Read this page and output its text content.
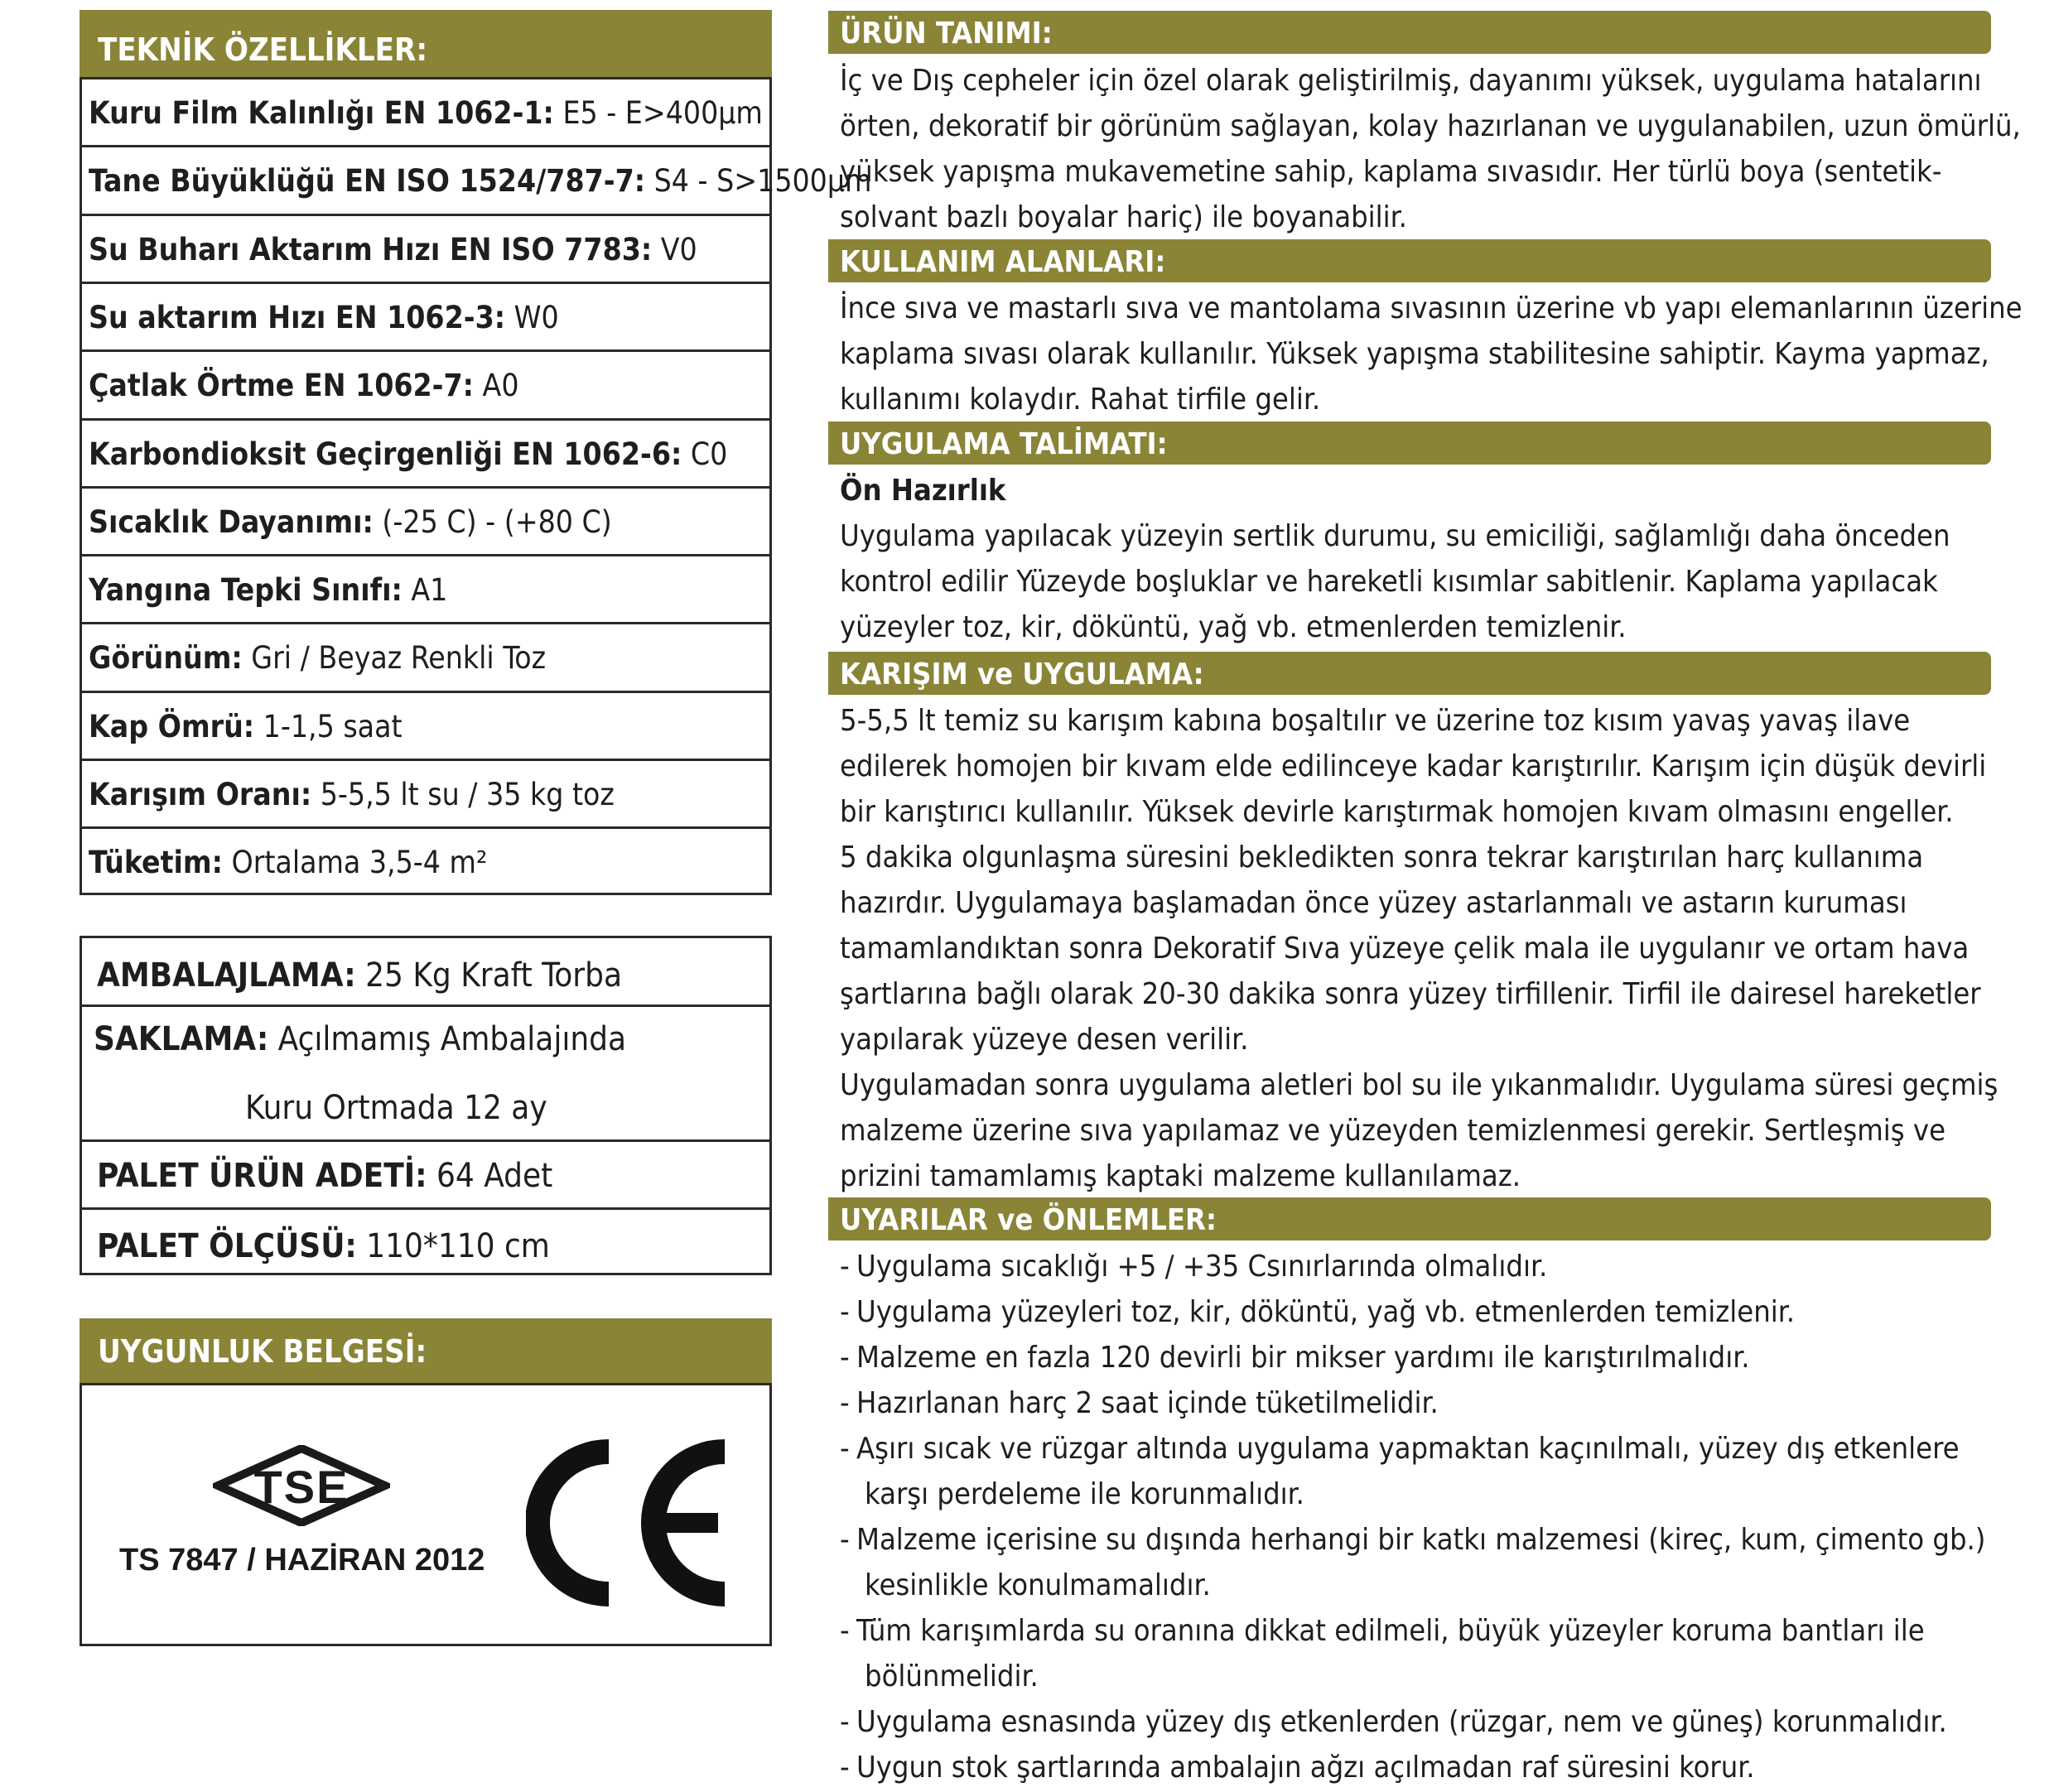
TEKNİK ÖZELLİKLER:
Kuru Film Kalınlığı EN 1062-1: E5 - E>400μm
Tane Büyüklüğü EN ISO 1524/787-7: S4 - S>1500μm
Su Buharı Aktarım Hızı EN ISO 7783: V0
Su aktarım Hızı EN 1062-3: W0
Çatlak Örtme EN 1062-7: A0
Karbondioksit Geçirgenliği EN 1062-6: C0
Sıcaklık Dayanımı: (-25 C) - (+80 C)
Yangına Tepki Sınıfı: A1
Görünüm: Gri / Beyaz Renkli Toz
Kap Ömrü: 1-1,5 saat
Karışım Oranı: 5-5,5 lt su / 35 kg toz
Tüketim: Ortalama 3,5-4 m²
AMBALAJLAMA: 25 Kg Kraft Torba
SAKLAMA: Açılmamış Ambalajında
Kuru Ortmada 12 ay
PALET ÜRÜN ADETİ: 64 Adet
PALET ÖLÇÜSÜ: 110*110 cm
UYGUNLUK BELGESİ:
TSE
TS 7847 / HAZİRAN 2012
ÜRÜN TANIMI:
İç ve Dış cepheler için özel olarak geliştirilmiş, dayanımı yüksek, uygulama hatalarını
örten, dekoratif bir görünüm sağlayan, kolay hazırlanan ve uygulanabilen, uzun ömürlü,
yüksek yapışma mukavemetine sahip, kaplama sıvasıdır. Her türlü boya (sentetik-
solvant bazlı boyalar hariç) ile boyanabilir.
KULLANIM ALANLARI:
İnce sıva ve mastarlı sıva ve mantolama sıvasının üzerine vb yapı elemanlarının üzerine
kaplama sıvası olarak kullanılır. Yüksek yapışma stabilitesine sahiptir. Kayma yapmaz,
kullanımı kolaydır. Rahat tirfile gelir.
UYGULAMA TALİMATI:
Ön Hazırlık
Uygulama yapılacak yüzeyin sertlik durumu, su emiciliği, sağlamlığı daha önceden
kontrol edilir Yüzeyde boşluklar ve hareketli kısımlar sabitlenir. Kaplama yapılacak
yüzeyler toz, kir, döküntü, yağ vb. etmenlerden temizlenir.
KARIŞIM ve UYGULAMA:
5-5,5 lt temiz su karışım kabına boşaltılır ve üzerine toz kısım yavaş yavaş ilave
edilerek homojen bir kıvam elde edilinceye kadar karıştırılır. Karışım için düşük devirli
bir karıştırıcı kullanılır. Yüksek devirle karıştırmak homojen kıvam olmasını engeller.
5 dakika olgunlaşma süresini bekledikten sonra tekrar karıştırılan harç kullanıma
hazırdır. Uygulamaya başlamadan önce yüzey astarlanmalı ve astarın kuruması
tamamlandıktan sonra Dekoratif Sıva yüzeye çelik mala ile uygulanır ve ortam hava
şartlarına bağlı olarak 20-30 dakika sonra yüzey tirfillenir. Tirfil ile dairesel hareketler
yapılarak yüzeye desen verilir.
Uygulamadan sonra uygulama aletleri bol su ile yıkanmalıdır. Uygulama süresi geçmiş
malzeme üzerine sıva yapılamaz ve yüzeyden temizlenmesi gerekir. Sertleşmiş ve
prizini tamamlamış kaptaki malzeme kullanılamaz.
UYARILAR ve ÖNLEMLER:
- Uygulama sıcaklığı +5 / +35 Csınırlarında olmalıdır.
- Uygulama yüzeyleri toz, kir, döküntü, yağ vb. etmenlerden temizlenir.
- Malzeme en fazla 120 devirli bir mikser yardımı ile karıştırılmalıdır.
- Hazırlanan harç 2 saat içinde tüketilmelidir.
- Aşırı sıcak ve rüzgar altında uygulama yapmaktan kaçınılmalı, yüzey dış etkenlere
karşı perdeleme ile korunmalıdır.
- Malzeme içerisine su dışında herhangi bir katkı malzemesi (kireç, kum, çimento gb.)
kesinlikle konulmamalıdır.
- Tüm karışımlarda su oranına dikkat edilmeli, büyük yüzeyler koruma bantları ile
bölünmelidir.
- Uygulama esnasında yüzey dış etkenlerden (rüzgar, nem ve güneş) korunmalıdır.
- Uygun stok şartlarında ambalajın ağzı açılmadan raf süresini korur.
